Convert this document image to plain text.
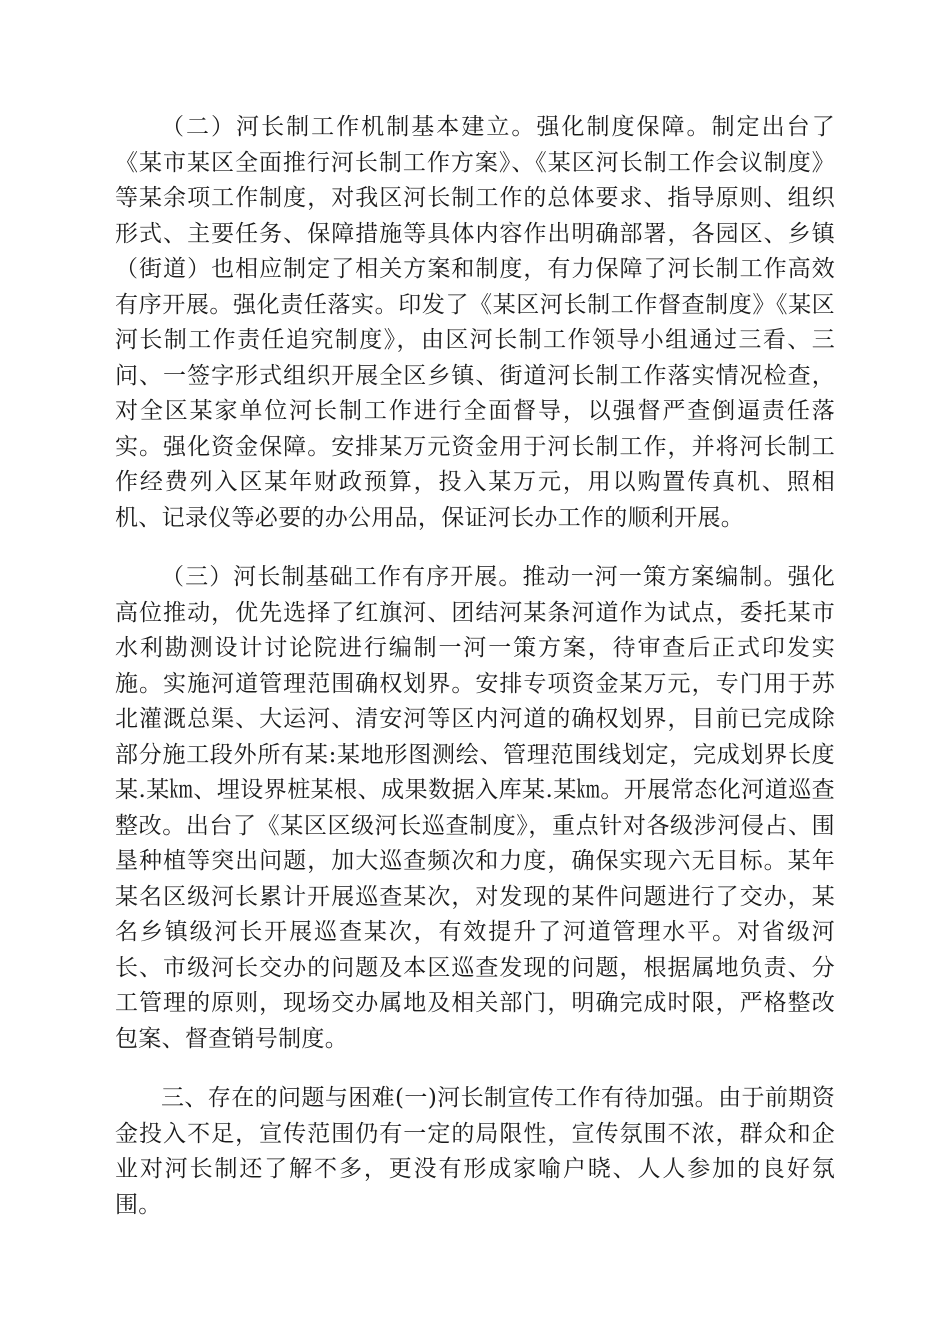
（二）河长制工作机制基本建立。强化制度保障。制定出台了《某市某区全面推行河长制工作方案》、《某区河长制工作会议制度》等某余项工作制度，对我区河长制工作的总体要求、指导原则、组织形式、主要任务、保障措施等具体内容作出明确部署，各园区、乡镇（街道）也相应制定了相关方案和制度，有力保障了河长制工作高效有序开展。强化责任落实。印发了《某区河长制工作督查制度》《某区河长制工作责任追究制度》，由区河长制工作领导小组通过三看、三问、一签字形式组织开展全区乡镇、街道河长制工作落实情况检查，对全区某家单位河长制工作进行全面督导，以强督严查倒逼责任落实。强化资金保障。安排某万元资金用于河长制工作，并将河长制工作经费列入区某年财政预算，投入某万元，用以购置传真机、照相机、记录仪等必要的办公用品，保证河长办工作的顺利开展。

（三）河长制基础工作有序开展。推动一河一策方案编制。强化高位推动，优先选择了红旗河、团结河某条河道作为试点，委托某市水利勘测设计讨论院进行编制一河一策方案，待审查后正式印发实施。实施河道管理范围确权划界。安排专项资金某万元，专门用于苏北灌溉总渠、大运河、清安河等区内河道的确权划界，目前已完成除部分施工段外所有某:某地形图测绘、管理范围线划定，完成划界长度某.某㎞、埋设界桩某根、成果数据入库某.某㎞。开展常态化河道巡查整改。出台了《某区区级河长巡查制度》，重点针对各级涉河侵占、围垦种植等突出问题，加大巡查频次和力度，确保实现六无目标。某年某名区级河长累计开展巡查某次，对发现的某件问题进行了交办，某名乡镇级河长开展巡查某次，有效提升了河道管理水平。对省级河长、市级河长交办的问题及本区巡查发现的问题，根据属地负责、分工管理的原则，现场交办属地及相关部门，明确完成时限，严格整改包案、督查销号制度。

三、存在的问题与困难(一)河长制宣传工作有待加强。由于前期资金投入不足，宣传范围仍有一定的局限性，宣传氛围不浓，群众和企业对河长制还了解不多，更没有形成家喻户晓、人人参加的良好氛围。
